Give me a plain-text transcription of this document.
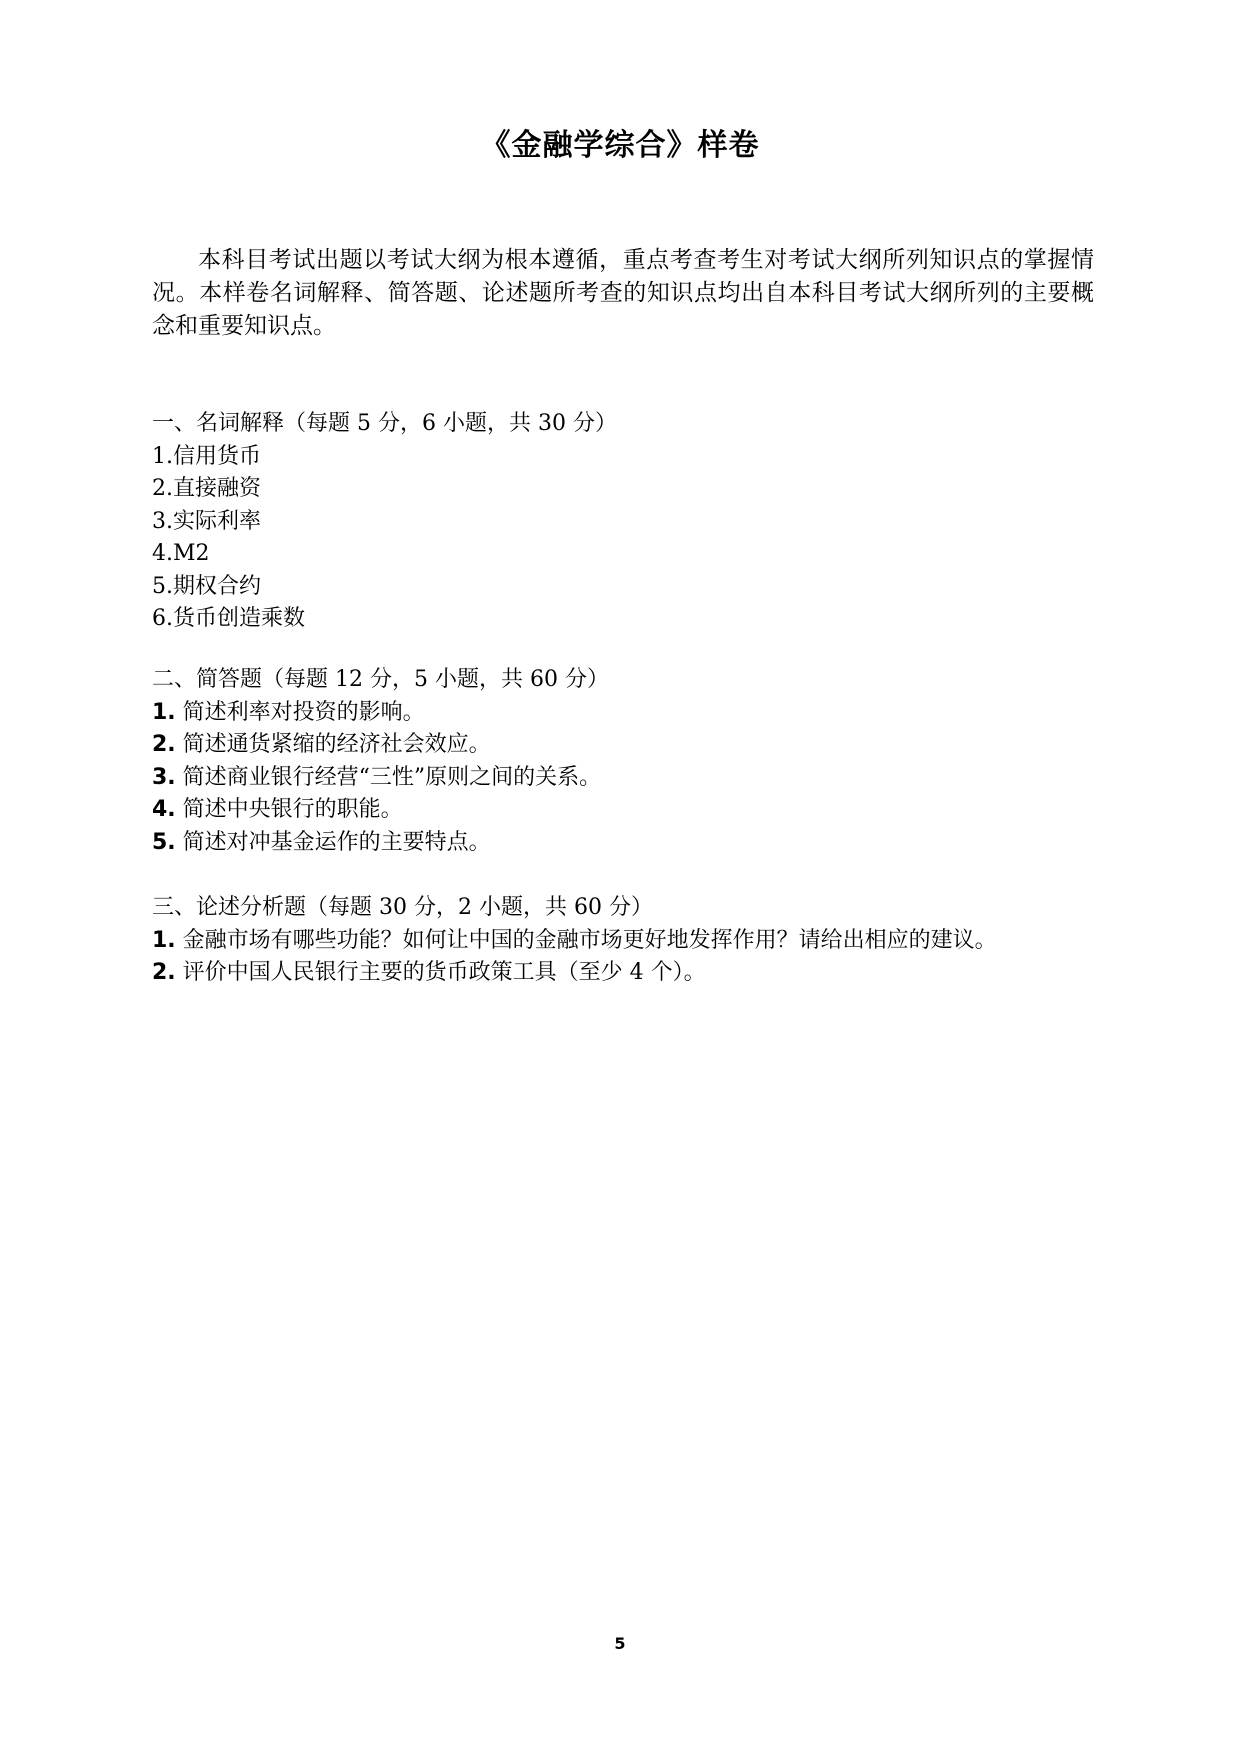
《金融学综合》样卷

本科目考试出题以考试大纲为根本遵循，重点考查考生对考试大纲所列知识点的掌握情况。本样卷名词解释、简答题、论述题所考查的知识点均出自本科目考试大纲所列的主要概念和重要知识点。

一、名词解释（每题 5 分，6 小题，共 30 分）

1.信用货币

2.直接融资

3.实际利率

4.M2

5.期权合约

6.货币创造乘数

二、简答题（每题 12 分，5 小题，共 60 分）

1. 简述利率对投资的影响。

2. 简述通货紧缩的经济社会效应。

3. 简述商业银行经营“三性”原则之间的关系。

4. 简述中央银行的职能。

5. 简述对冲基金运作的主要特点。

三、论述分析题（每题 30 分，2 小题，共 60 分）

1. 金融市场有哪些功能？如何让中国的金融市场更好地发挥作用？请给出相应的建议。

2. 评价中国人民银行主要的货币政策工具（至少 4 个）。

5
